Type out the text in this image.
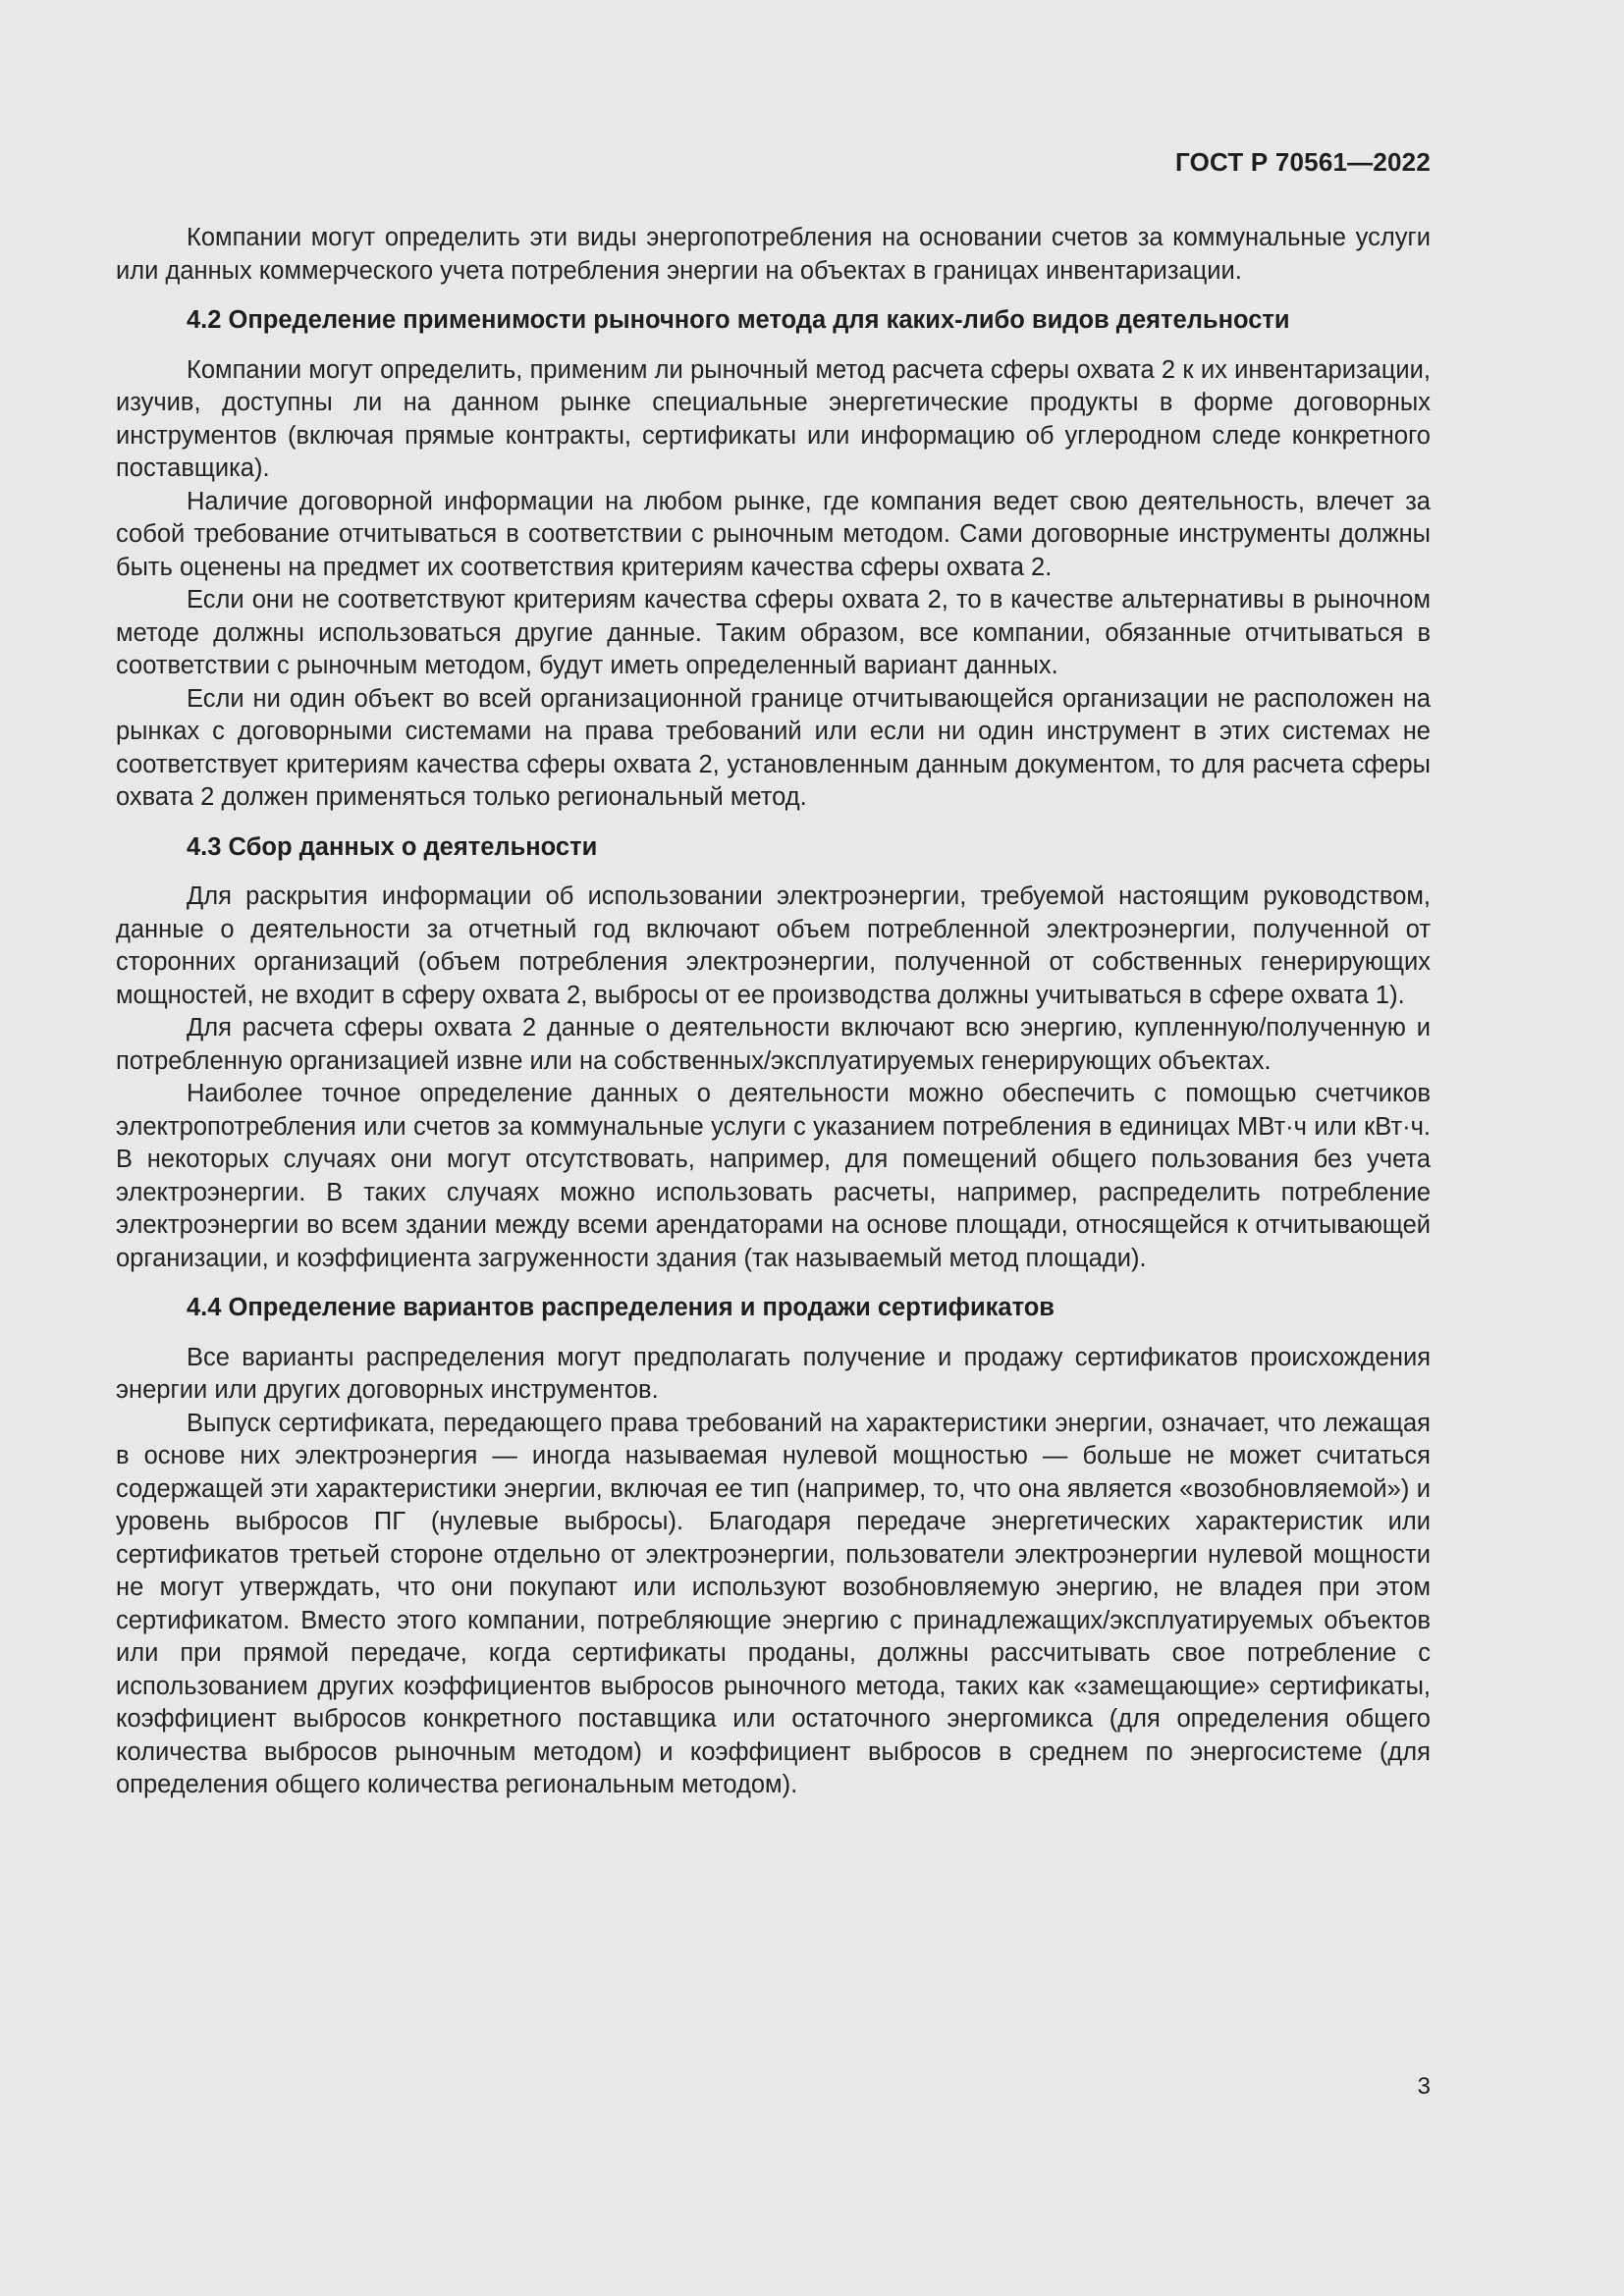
ГОСТ Р 70561—2022

Компании могут определить эти виды энергопотребления на основании счетов за коммунальные услуги или данных коммерческого учета потребления энергии на объектах в границах инвентаризации.

4.2 Определение применимости рыночного метода для каких-либо видов деятельности

Компании могут определить, применим ли рыночный метод расчета сферы охвата 2 к их инвентаризации, изучив, доступны ли на данном рынке специальные энергетические продукты в форме договорных инструментов (включая прямые контракты, сертификаты или информацию об углеродном следе конкретного поставщика).

Наличие договорной информации на любом рынке, где компания ведет свою деятельность, влечет за собой требование отчитываться в соответствии с рыночным методом. Сами договорные инструменты должны быть оценены на предмет их соответствия критериям качества сферы охвата 2.

Если они не соответствуют критериям качества сферы охвата 2, то в качестве альтернативы в рыночном методе должны использоваться другие данные. Таким образом, все компании, обязанные отчитываться в соответствии с рыночным методом, будут иметь определенный вариант данных.

Если ни один объект во всей организационной границе отчитывающейся организации не расположен на рынках с договорными системами на права требований или если ни один инструмент в этих системах не соответствует критериям качества сферы охвата 2, установленным данным документом, то для расчета сферы охвата 2 должен применяться только региональный метод.

4.3 Сбор данных о деятельности

Для раскрытия информации об использовании электроэнергии, требуемой настоящим руководством, данные о деятельности за отчетный год включают объем потребленной электроэнергии, полученной от сторонних организаций (объем потребления электроэнергии, полученной от собственных генерирующих мощностей, не входит в сферу охвата 2, выбросы от ее производства должны учитываться в сфере охвата 1).

Для расчета сферы охвата 2 данные о деятельности включают всю энергию, купленную/полученную и потребленную организацией извне или на собственных/эксплуатируемых генерирующих объектах.

Наиболее точное определение данных о деятельности можно обеспечить с помощью счетчиков электропотребления или счетов за коммунальные услуги с указанием потребления в единицах МВт·ч или кВт·ч. В некоторых случаях они могут отсутствовать, например, для помещений общего пользования без учета электроэнергии. В таких случаях можно использовать расчеты, например, распределить потребление электроэнергии во всем здании между всеми арендаторами на основе площади, относящейся к отчитывающей организации, и коэффициента загруженности здания (так называемый метод площади).

4.4 Определение вариантов распределения и продажи сертификатов

Все варианты распределения могут предполагать получение и продажу сертификатов происхождения энергии или других договорных инструментов.

Выпуск сертификата, передающего права требований на характеристики энергии, означает, что лежащая в основе них электроэнергия — иногда называемая нулевой мощностью — больше не может считаться содержащей эти характеристики энергии, включая ее тип (например, то, что она является «возобновляемой») и уровень выбросов ПГ (нулевые выбросы). Благодаря передаче энергетических характеристик или сертификатов третьей стороне отдельно от электроэнергии, пользователи электроэнергии нулевой мощности не могут утверждать, что они покупают или используют возобновляемую энергию, не владея при этом сертификатом. Вместо этого компании, потребляющие энергию с принадлежащих/эксплуатируемых объектов или при прямой передаче, когда сертификаты проданы, должны рассчитывать свое потребление с использованием других коэффициентов выбросов рыночного метода, таких как «замещающие» сертификаты, коэффициент выбросов конкретного поставщика или остаточного энергомикса (для определения общего количества выбросов рыночным методом) и коэффициент выбросов в среднем по энергосистеме (для определения общего количества региональным методом).

3
